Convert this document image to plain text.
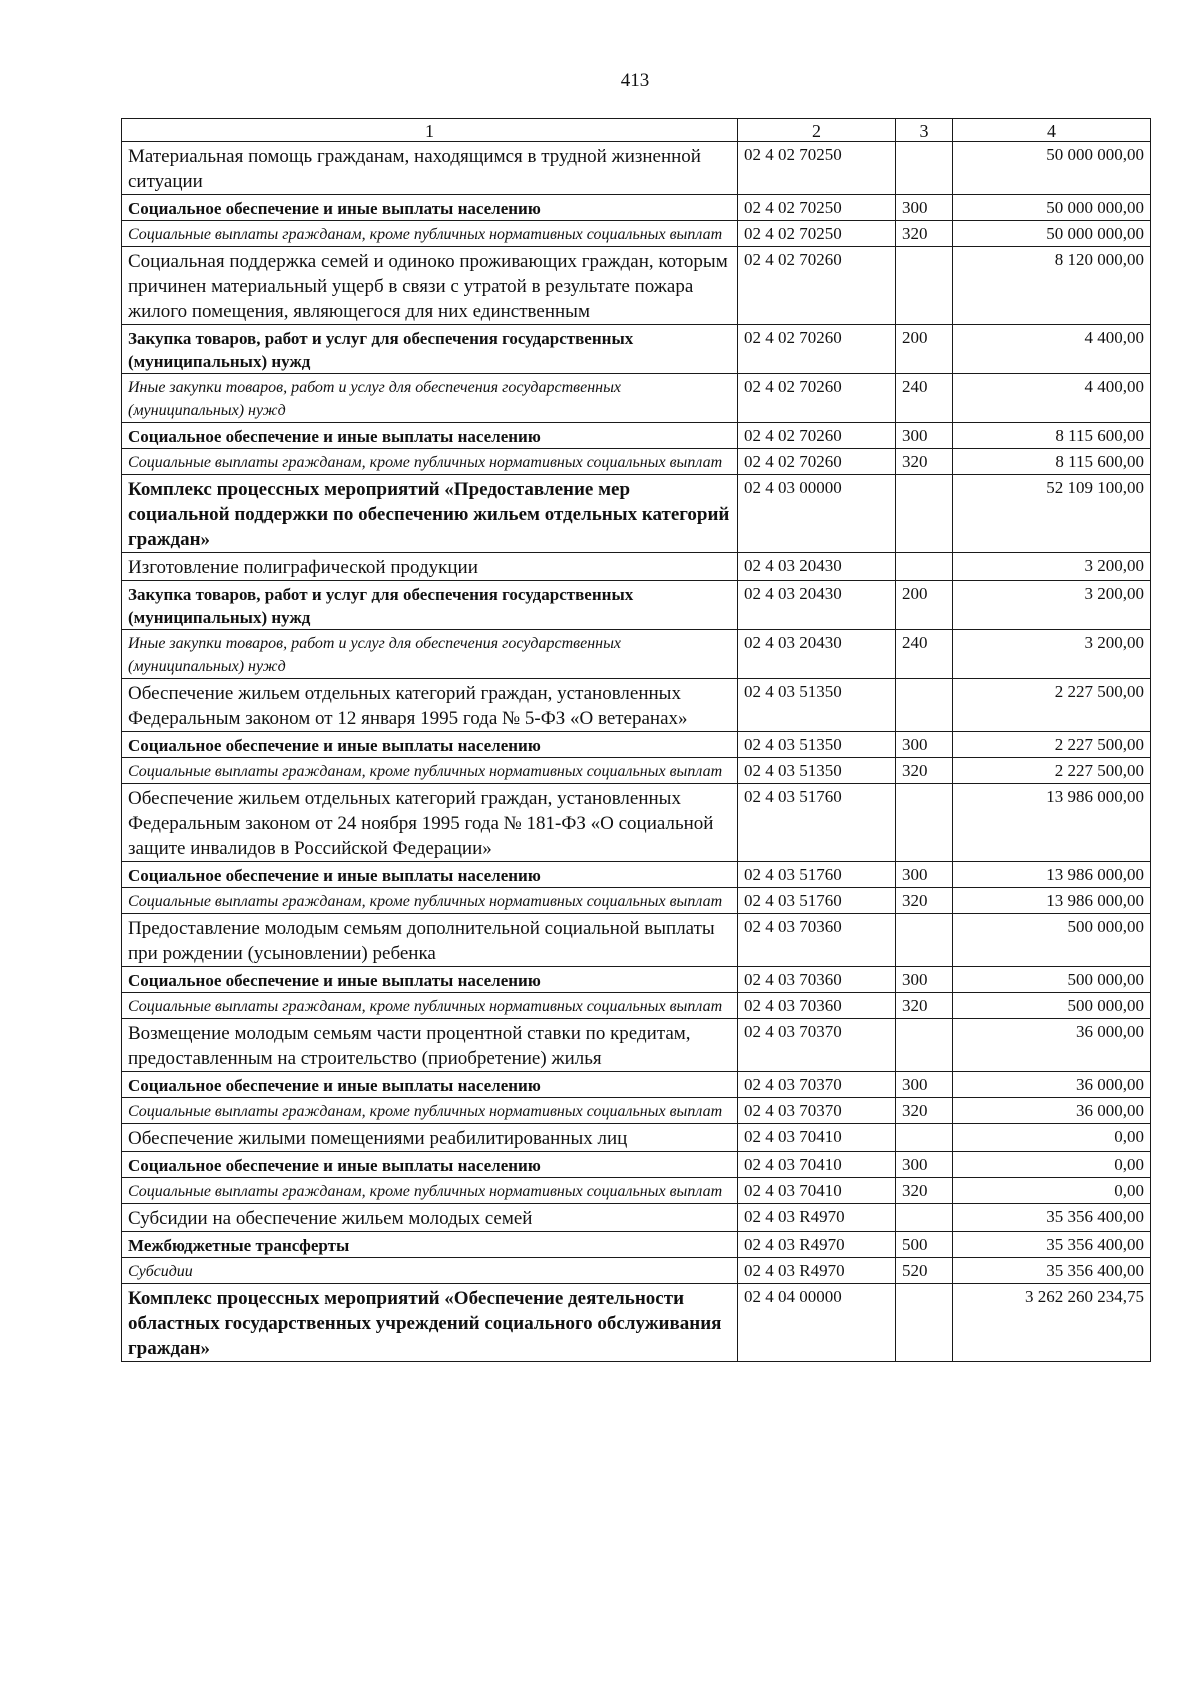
413
1	2	3	4
Материальная помощь гражданам, находящимся в трудной жизненной ситуации	02 4 02 70250		50 000 000,00
Социальное обеспечение и иные выплаты населению	02 4 02 70250	300	50 000 000,00
Социальные выплаты гражданам, кроме публичных нормативных социальных выплат	02 4 02 70250	320	50 000 000,00
Социальная поддержка семей и одиноко проживающих граждан, которым причинен материальный ущерб в связи с утратой в результате пожара жилого помещения, являющегося для них единственным	02 4 02 70260		8 120 000,00
Закупка товаров, работ и услуг для обеспечения государственных (муниципальных) нужд	02 4 02 70260	200	4 400,00
Иные закупки товаров, работ и услуг для обеспечения государственных (муниципальных) нужд	02 4 02 70260	240	4 400,00
Социальное обеспечение и иные выплаты населению	02 4 02 70260	300	8 115 600,00
Социальные выплаты гражданам, кроме публичных нормативных социальных выплат	02 4 02 70260	320	8 115 600,00
Комплекс процессных мероприятий «Предоставление мер социальной поддержки по обеспечению жильем отдельных категорий граждан»	02 4 03 00000		52 109 100,00
Изготовление полиграфической продукции	02 4 03 20430		3 200,00
Закупка товаров, работ и услуг для обеспечения государственных (муниципальных) нужд	02 4 03 20430	200	3 200,00
Иные закупки товаров, работ и услуг для обеспечения государственных (муниципальных) нужд	02 4 03 20430	240	3 200,00
Обеспечение жильем отдельных категорий граждан, установленных Федеральным законом от 12 января 1995 года № 5-ФЗ «О ветеранах»	02 4 03 51350		2 227 500,00
Социальное обеспечение и иные выплаты населению	02 4 03 51350	300	2 227 500,00
Социальные выплаты гражданам, кроме публичных нормативных социальных выплат	02 4 03 51350	320	2 227 500,00
Обеспечение жильем отдельных категорий граждан, установленных Федеральным законом от 24 ноября 1995 года № 181-ФЗ «О социальной защите инвалидов в Российской Федерации»	02 4 03 51760		13 986 000,00
Социальное обеспечение и иные выплаты населению	02 4 03 51760	300	13 986 000,00
Социальные выплаты гражданам, кроме публичных нормативных социальных выплат	02 4 03 51760	320	13 986 000,00
Предоставление молодым семьям дополнительной социальной выплаты при рождении (усыновлении) ребенка	02 4 03 70360		500 000,00
Социальное обеспечение и иные выплаты населению	02 4 03 70360	300	500 000,00
Социальные выплаты гражданам, кроме публичных нормативных социальных выплат	02 4 03 70360	320	500 000,00
Возмещение молодым семьям части процентной ставки по кредитам, предоставленным на строительство (приобретение) жилья	02 4 03 70370		36 000,00
Социальное обеспечение и иные выплаты населению	02 4 03 70370	300	36 000,00
Социальные выплаты гражданам, кроме публичных нормативных социальных выплат	02 4 03 70370	320	36 000,00
Обеспечение жилыми помещениями реабилитированных лиц	02 4 03 70410		0,00
Социальное обеспечение и иные выплаты населению	02 4 03 70410	300	0,00
Социальные выплаты гражданам, кроме публичных нормативных социальных выплат	02 4 03 70410	320	0,00
Субсидии на обеспечение жильем молодых семей	02 4 03 R4970		35 356 400,00
Межбюджетные трансферты	02 4 03 R4970	500	35 356 400,00
Субсидии	02 4 03 R4970	520	35 356 400,00
Комплекс процессных мероприятий «Обеспечение деятельности областных государственных учреждений социального обслуживания граждан»	02 4 04 00000		3 262 260 234,75
